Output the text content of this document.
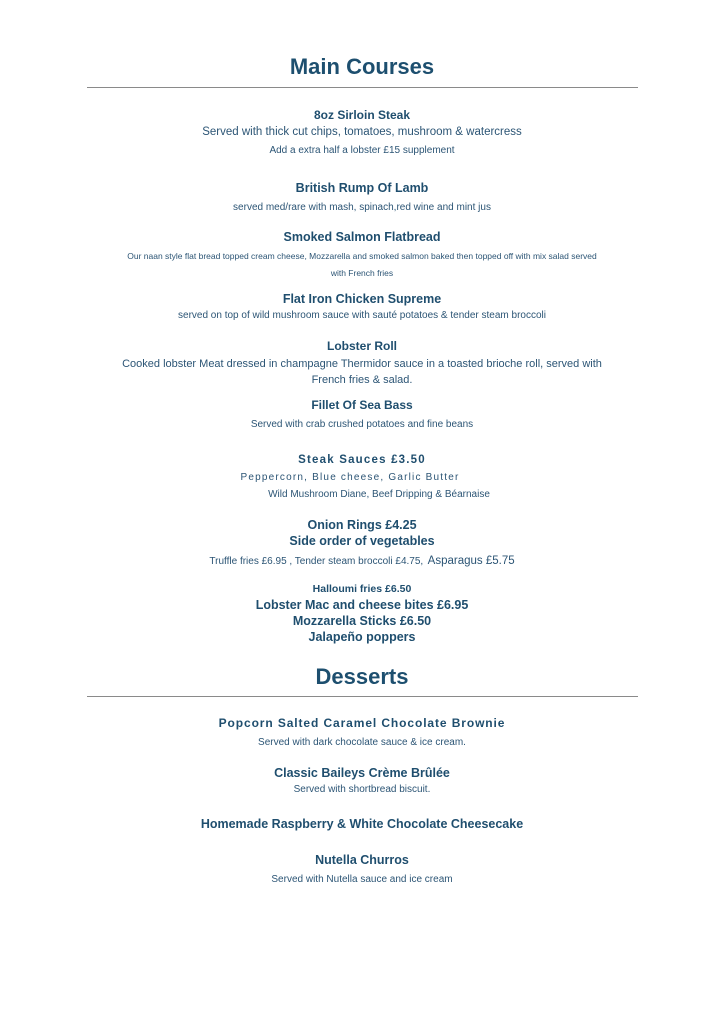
Main Courses
8oz Sirloin Steak
Served with thick cut chips, tomatoes, mushroom & watercress
Add a extra half a lobster £15 supplement
British Rump Of Lamb
served med/rare with mash, spinach,red wine and mint jus
Smoked Salmon Flatbread
Our naan style flat bread topped cream cheese, Mozzarella and smoked salmon baked then topped off with mix salad served
with French fries
Flat Iron Chicken Supreme
served on top of wild mushroom sauce with sauté potatoes & tender steam broccoli
Lobster Roll
Cooked lobster Meat dressed in champagne Thermidor sauce in a toasted brioche roll, served with
French fries & salad.
Fillet Of Sea Bass
Served with crab crushed potatoes and fine beans
Steak Sauces £3.50
Peppercorn, Blue cheese, Garlic Butter
Wild Mushroom Diane, Beef Dripping & Béarnaise
Onion Rings £4.25
Side order of vegetables
Truffle fries £6.95 , Tender steam broccoli £4.75, Asparagus £5.75
Halloumi fries £6.50
Lobster Mac and cheese bites £6.95
Mozzarella Sticks £6.50
Jalapeño poppers
Desserts
Popcorn Salted Caramel Chocolate Brownie
Served with dark chocolate sauce & ice cream.
Classic Baileys Crème Brûlée
Served with shortbread biscuit.
Homemade Raspberry & White Chocolate Cheesecake
Nutella Churros
Served with Nutella sauce and ice cream
